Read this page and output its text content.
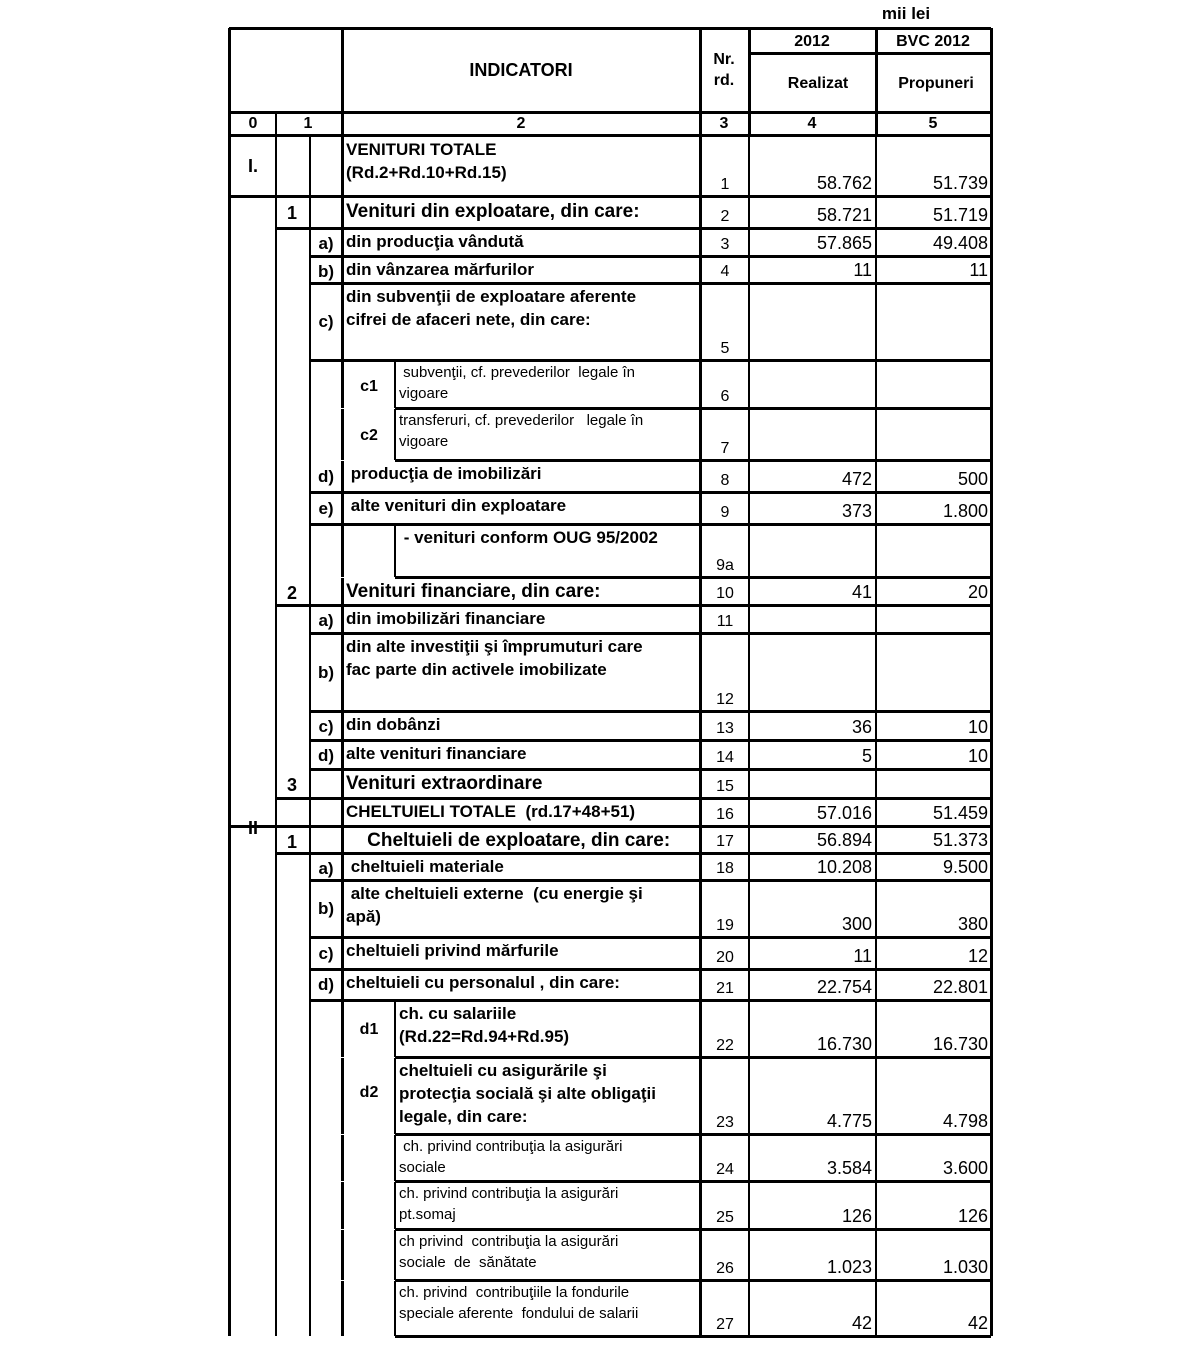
mii lei
INDICATORI
Nr.
rd.
2012	BVC 2012
Realizat	Propuneri
0	1	2	3	4	5
I.
VENITURI TOTALE
(Rd.2+Rd.10+Rd.15)
1	58.762	51.739
1	Venituri din exploatare, din care:	2	58.721	51.719
a) din producţia vândută	3	57.865	49.408
b) din vânzarea mărfurilor	4	11	11
c)
din subvenţii de exploatare aferente
cifrei de afaceri nete, din care:
5
c1
subvenţii, cf. prevederilor  legale în
vigoare	6
c2
transferuri, cf. prevederilor   legale în
vigoare	7
d) producţia de imobilizări	8	472	500
e) alte venituri din exploatare	9	373	1.800
- venituri conform OUG 95/2002
9a
2	Venituri financiare, din care:	10	41	20
a) din imobilizări financiare	11
b)
din alte investiţii şi împrumuturi care
fac parte din activele imobilizate
12
c) din dobânzi	13	36	10
d) alte venituri financiare	14	5	10
3	Venituri extraordinare	15
II
CHELTUIELI TOTALE  (rd.17+48+51)	16	57.016	51.459
1	Cheltuieli de exploatare, din care:	17	56.894	51.373
a) cheltuieli materiale	18	10.208	9.500
b)
alte cheltuieli externe  (cu energie şi
apă)	19	300	380
c) cheltuieli privind mărfurile	20	11	12
d) cheltuieli cu personalul , din care:	21	22.754	22.801
d1
ch. cu salariile
(Rd.22=Rd.94+Rd.95)	22	16.730	16.730
d2
cheltuieli cu asigurările şi
protecţia socială şi alte obligaţii
legale, din care:	23	4.775	4.798
ch. privind contribuţia la asigurări
sociale	24	3.584	3.600
ch. privind contribuţia la asigurări
pt.somaj	25	126	126
ch privind  contribuţia la asigurări
sociale  de  sănătate	26	1.023	1.030
ch. privind  contribuţiile la fondurile
speciale aferente  fondului de salarii
27	42	42
